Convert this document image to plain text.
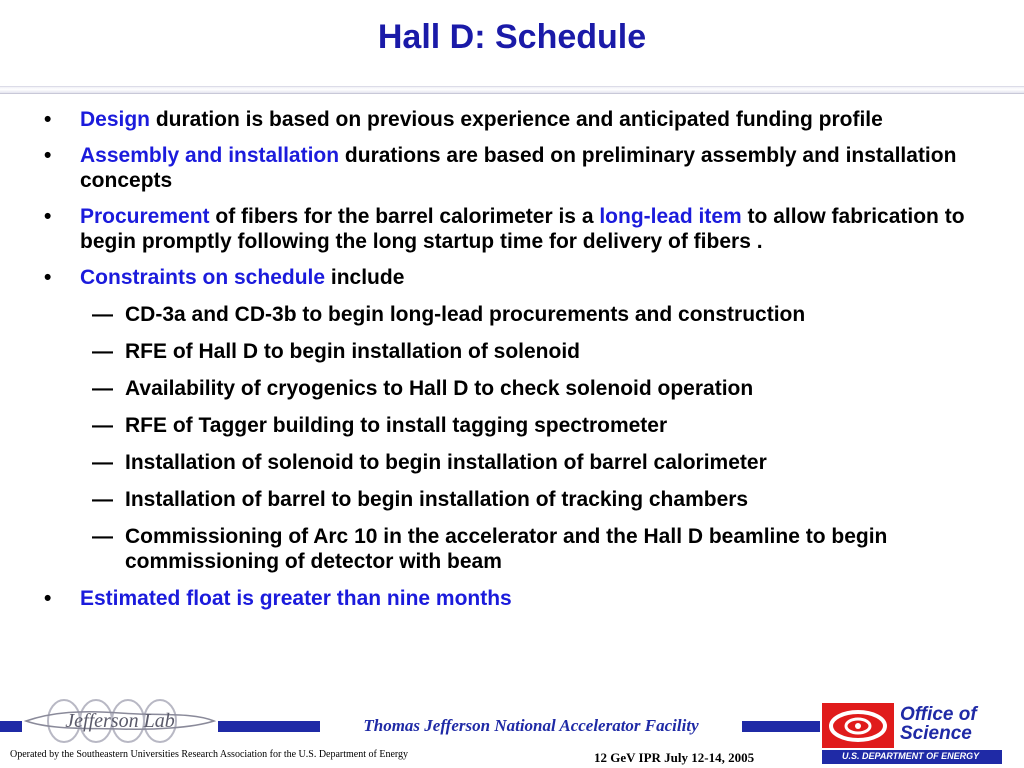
Hall D: Schedule
• Design duration is based on previous experience and anticipated funding profile
• Assembly and installation durations are based on preliminary assembly and installation concepts
• Procurement of fibers for the barrel calorimeter is a long-lead item to allow fabrication to begin promptly following the long startup time for delivery of fibers .
• Constraints on schedule include
— CD-3a and CD-3b to begin long-lead procurements and construction
— RFE of Hall D to begin installation of solenoid
— Availability of cryogenics to Hall D to check solenoid operation
— RFE of Tagger building to install tagging spectrometer
— Installation of solenoid to begin installation of barrel calorimeter
— Installation of barrel to begin installation of tracking chambers
— Commissioning of Arc 10 in the accelerator and the Hall D beamline to begin commissioning of detector with beam
• Estimated float is greater than nine months
Jefferson Lab	Thomas Jefferson National Accelerator Facility
Operated by the Southeastern Universities Research Association for the U.S. Department of Energy	12 GeV IPR July 12-14, 2005
Office of
Science
U.S. DEPARTMENT OF ENERGY
